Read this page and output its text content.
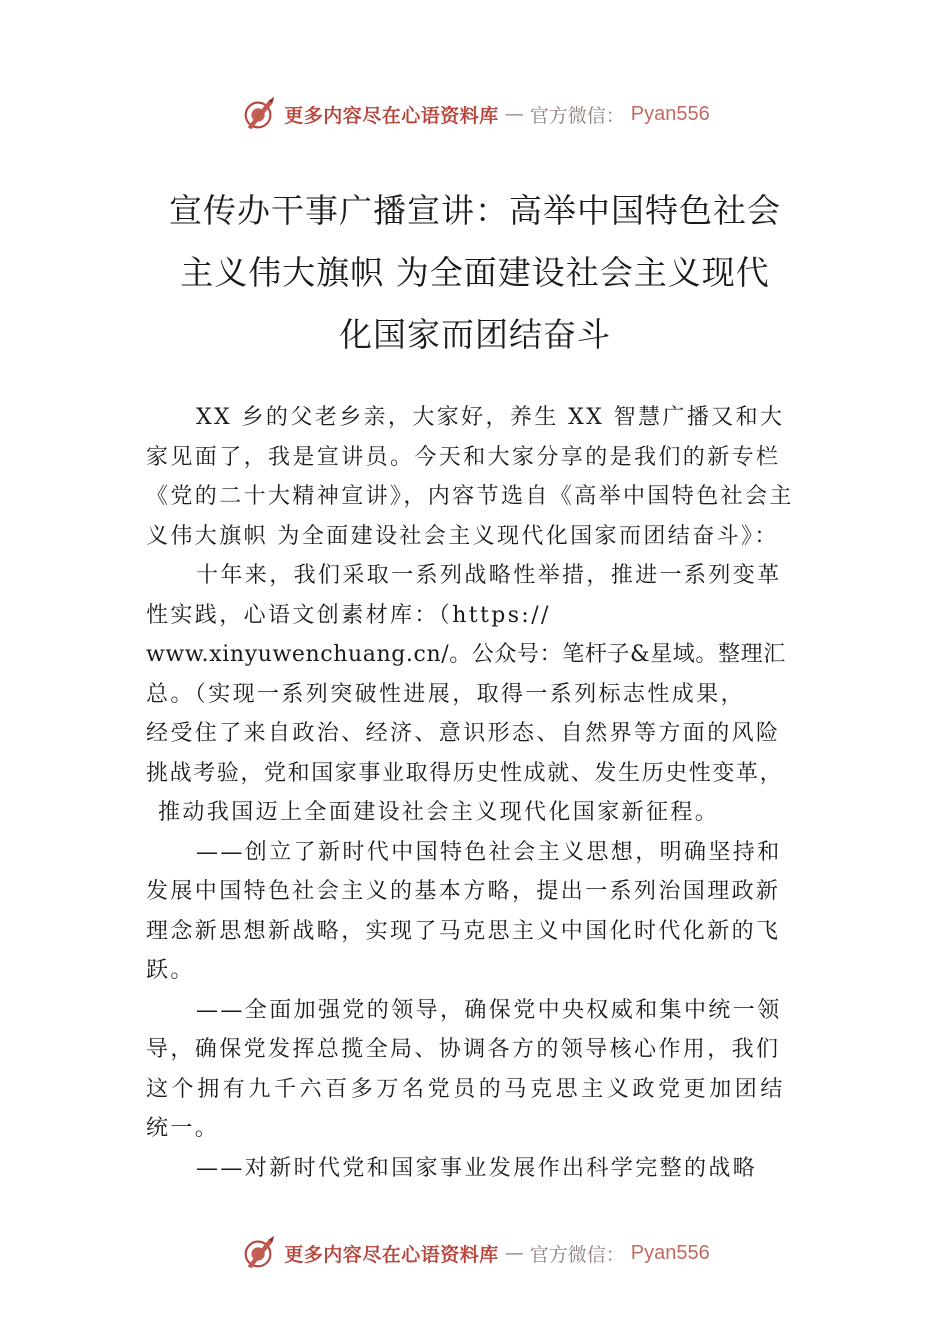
更多内容尽在心语资料库 — 官方微信： Pyan556
宣传办干事广播宣讲：高举中国特色社会
主义伟大旗帜 为全面建设社会主义现代
化国家而团结奋斗
XX 乡的父老乡亲，大家好，养生 XX 智慧广播又和大
家见面了，我是宣讲员。今天和大家分享的是我们的新专栏
《党的二十大精神宣讲》，内容节选自《高举中国特色社会主
义伟大旗帜 为全面建设社会主义现代化国家而团结奋斗》：
十年来，我们采取一系列战略性举措，推进一系列变革
性实践，心语文创素材库：（https://
www.xinyuwenchuang.cn/。公众号：笔杆子&星域。整理汇
总。（实现一系列突破性进展，取得一系列标志性成果，
经受住了来自政治、经济、意识形态、自然界等方面的风险
挑战考验，党和国家事业取得历史性成就、发生历史性变革，
推动我国迈上全面建设社会主义现代化国家新征程。
——创立了新时代中国特色社会主义思想，明确坚持和
发展中国特色社会主义的基本方略，提出一系列治国理政新
理念新思想新战略，实现了马克思主义中国化时代化新的飞
跃。
——全面加强党的领导，确保党中央权威和集中统一领
导，确保党发挥总揽全局、协调各方的领导核心作用，我们
这个拥有九千六百多万名党员的马克思主义政党更加团结
统一。
——对新时代党和国家事业发展作出科学完整的战略
更多内容尽在心语资料库 — 官方微信： Pyan556
